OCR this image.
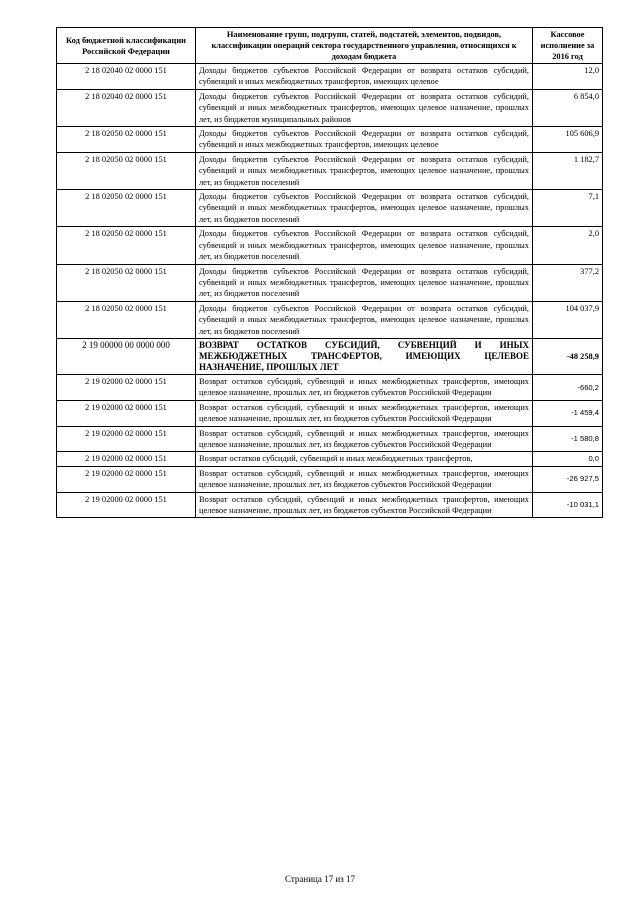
Код бюджетной классификации Российской Федерации	Наименование групп, подгрупп, статей, подстатей, элементов, подвидов, классификации операций сектора государственного управления, относящихся к доходам бюджета	Кассовое исполнение за 2016 год
2 18 02040 02 0000 151	Доходы бюджетов субъектов Российской Федерации от возврата остатков субсидий, субвенций и иных межбюджетных трансфертов, имеющих целевое	12,0
2 18 02040 02 0000 151	Доходы бюджетов субъектов Российской Федерации от возврата остатков субсидий, субвенций и иных межбюджетных трансфертов, имеющих целевое назначение, прошлых лет, из бюджетов муниципальных районов	6 854,0
2 18 02050 02 0000 151	Доходы бюджетов субъектов Российской Федерации от возврата остатков субсидий, субвенций и иных межбюджетных трансфертов, имеющих целевое	105 606,9
2 18 02050 02 0000 151	Доходы бюджетов субъектов Российской Федерации от возврата остатков субсидий, субвенций и иных межбюджетных трансфертов, имеющих целевое назначение, прошлых лет, из бюджетов поселений	1 182,7
2 18 02050 02 0000 151	Доходы бюджетов субъектов Российской Федерации от возврата остатков субсидий, субвенций и иных межбюджетных трансфертов, имеющих целевое назначение, прошлых лет, из бюджетов поселений	7,1
2 18 02050 02 0000 151	Доходы бюджетов субъектов Российской Федерации от возврата остатков субсидий, субвенций и иных межбюджетных трансфертов, имеющих целевое назначение, прошлых лет, из бюджетов поселений	2,0
2 18 02050 02 0000 151	Доходы бюджетов субъектов Российской Федерации от возврата остатков субсидий, субвенций и иных межбюджетных трансфертов, имеющих целевое назначение, прошлых лет, из бюджетов поселений	377,2
2 18 02050 02 0000 151	Доходы бюджетов субъектов Российской Федерации от возврата остатков субсидий, субвенций и иных межбюджетных трансфертов, имеющих целевое назначение, прошлых лет, из бюджетов поселений	104 037,9
2 19 00000 00 0000 000	ВОЗВРАТ ОСТАТКОВ СУБСИДИЙ, СУБВЕНЦИЙ И ИНЫХ МЕЖБЮДЖЕТНЫХ ТРАНСФЕРТОВ, ИМЕЮЩИХ ЦЕЛЕВОЕ НАЗНАЧЕНИЕ, ПРОШЛЫХ ЛЕТ	-48 258,9
2 19 02000 02 0000 151	Возврат остатков субсидий, субвенций и иных межбюджетных трансфертов, имеющих целевое назначение, прошлых лет, из бюджетов субъектов Российской Федерации	-660,2
2 19 02000 02 0000 151	Возврат остатков субсидий, субвенций и иных межбюджетных трансфертов, имеющих целевое назначение, прошлых лет, из бюджетов субъектов Российской Федерации	-1 459,4
2 19 02000 02 0000 151	Возврат остатков субсидий, субвенций и иных межбюджетных трансфертов, имеющих целевое назначение, прошлых лет, из бюджетов субъектов Российской Федерации	-1 580,8
2 19 02000 02 0000 151	Возврат остатков субсидий, субвенций и иных межбюджетных трансфертов,	0,0
2 19 02000 02 0000 151	Возврат остатков субсидий, субвенций и иных межбюджетных трансфертов, имеющих целевое назначение, прошлых лет, из бюджетов субъектов Российской Федерации	-26 927,5
2 19 02000 02 0000 151	Возврат остатков субсидий, субвенций и иных межбюджетных трансфертов, имеющих целевое назначение, прошлых лет, из бюджетов субъектов Российской Федерации	-10 031,1
Страница 17 из 17
